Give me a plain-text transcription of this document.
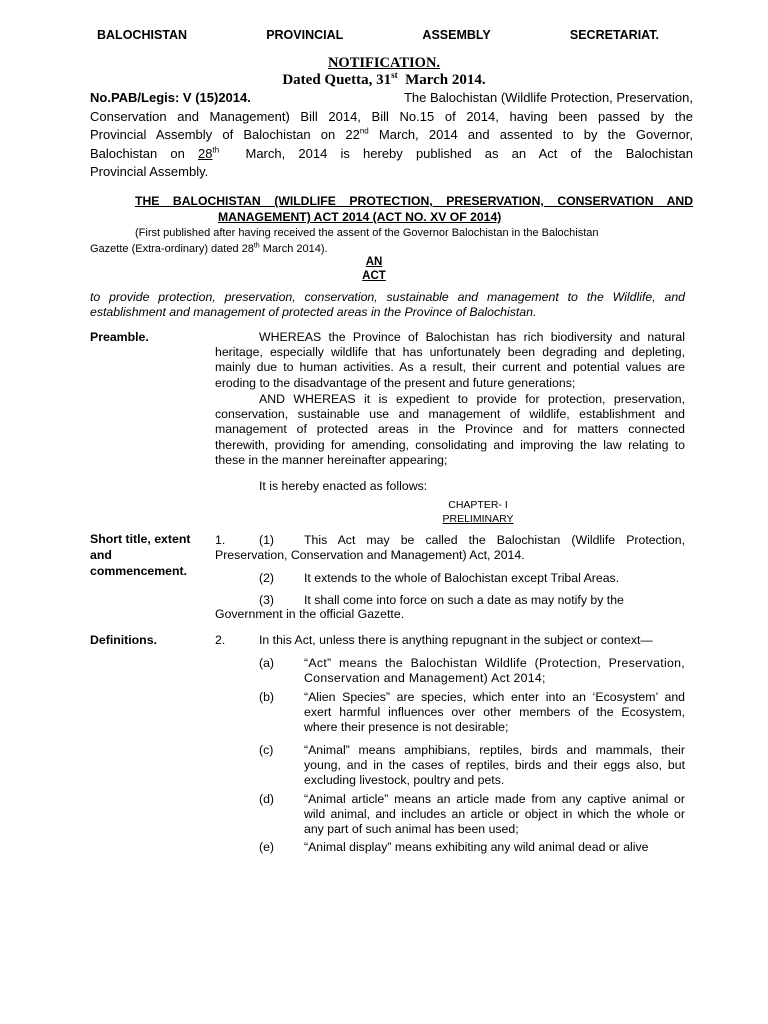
BALOCHISTAN	PROVINCIAL	ASSEMBLY	SECRETARIAT.
NOTIFICATION.
Dated Quetta, 31st  March 2014.
No.PAB/Legis: V (15)2014.	The Balochistan (Wildlife Protection, Preservation,
Conservation and Management) Bill 2014, Bill No.15 of 2014, having been passed by the
Provincial Assembly of Balochistan on 22nd March, 2014 and assented to by the Governor,
Balochistan on 28th  March, 2014 is hereby published as an Act of the Balochistan
Provincial Assembly.
THE BALOCHISTAN (WILDLIFE PROTECTION, PRESERVATION, CONSERVATION AND
MANAGEMENT) ACT 2014 (ACT NO. XV OF 2014)
(First published after having received the assent of the Governor Balochistan in the Balochistan
Gazette (Extra-ordinary) dated 28th March 2014).
AN
ACT
to provide protection, preservation, conservation, sustainable and management to the Wildlife, and
establishment and management of protected areas in the Province of Balochistan.
Preamble.	WHEREAS the Province of Balochistan has rich biodiversity and natural
heritage, especially wildlife that has unfortunately been degrading and depleting,
mainly due to human activities. As a result, their current and potential values are
eroding to the disadvantage of the present and future generations;
AND WHEREAS it is expedient to provide for protection, preservation,
conservation, sustainable use and management of wildlife, establishment and
management of protected areas in the Province and for matters connected
therewith, providing for amending, consolidating and improving the law relating to
these in the manner hereinafter appearing;
It is hereby enacted as follows:
CHAPTER- I
PRELIMINARY
Short title, extent
and
commencement.
1.	(1) This Act may be called the Balochistan (Wildlife Protection,
Preservation, Conservation and Management) Act, 2014.
(2) It extends to the whole of Balochistan except Tribal Areas.
(3) It shall come into force on such a date as may notify by the
Government in the official Gazette.
Definitions.	2.	In this Act, unless there is anything repugnant in the subject or context—
(a) “Act” means the Balochistan Wildlife (Protection, Preservation,
Conservation and Management) Act 2014;
(b) “Alien Species” are species, which enter into an ‘Ecosystem’ and
exert harmful influences over other members of the Ecosystem,
where their presence is not desirable;
(c) “Animal” means amphibians, reptiles, birds and mammals, their
young, and in the cases of reptiles, birds and their eggs also, but
excluding livestock, poultry and pets.
(d) “Animal article” means an article made from any captive animal or
wild animal, and includes an article or object in which the whole or
any part of such animal has been used;
(e) “Animal display” means exhibiting any wild animal dead or alive
